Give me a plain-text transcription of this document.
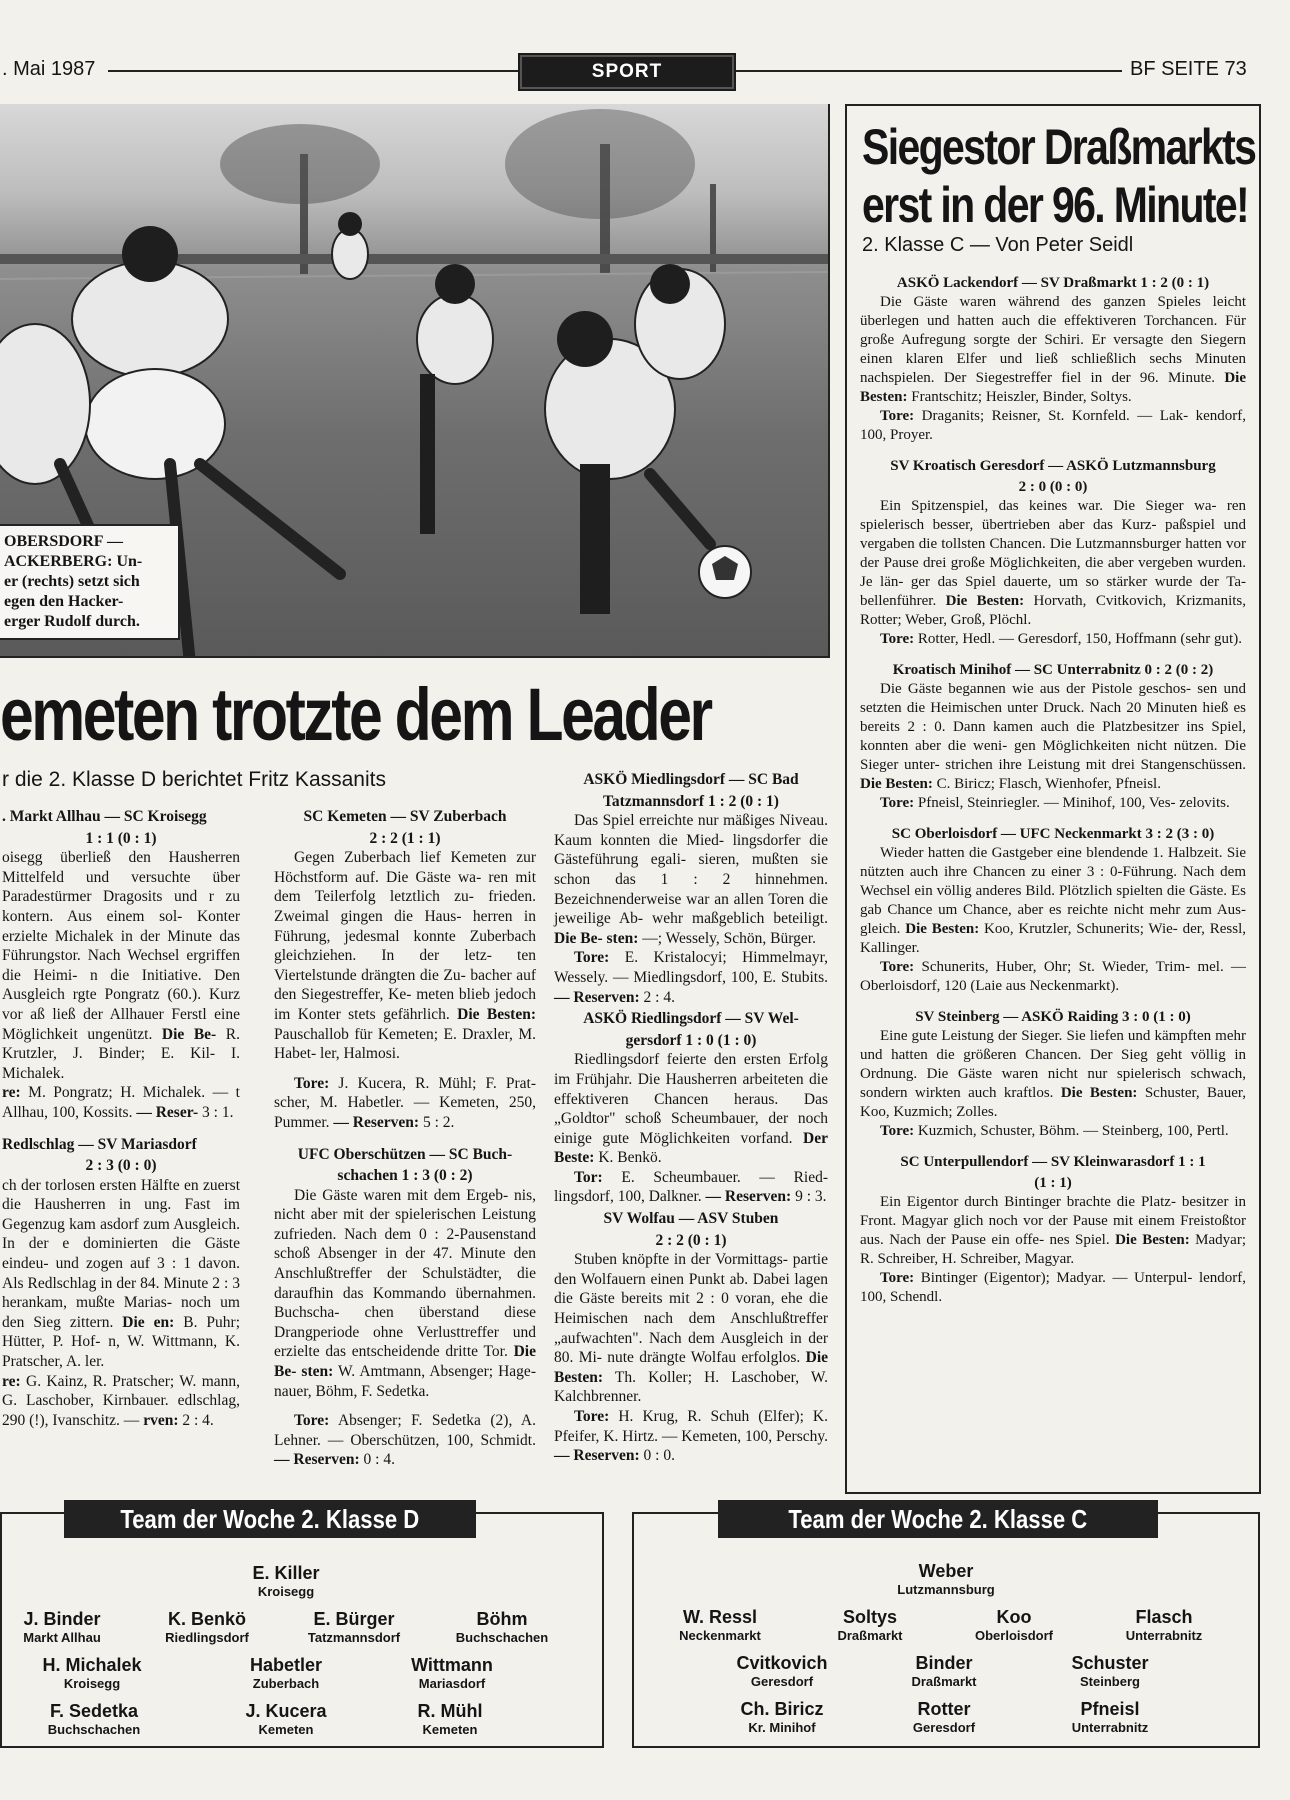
. Mai 1987	SPORT	BF SEITE 73
OBERSDORF —
ACKERBERG: Un-
er (rechts) setzt sich
egen den Hacker-
erger Rudolf durch.
emeten trotzte dem Leader
r die 2. Klasse D berichtet Fritz Kassanits
. Markt Allhau — SC Kroisegg
1 : 1 (0 : 1)

oisegg überließ den Hausherren Mittelfeld und versuchte über Paradestürmer Dragosits und r zu kontern. Aus einem sol- Konter erzielte Michalek in der Minute das Führungstor. Nach Wechsel ergriffen die Heimi- n die Initiative. Den Ausgleich rgte Pongratz (60.). Kurz vor aß ließ der Allhauer Ferstl eine Möglichkeit ungenützt. Die Be- R. Krutzler, J. Binder; E. Kil- I. Michalek.

re: M. Pongratz; H. Michalek. — t Allhau, 100, Kossits. — Reser- 3 : 1.

Redlschlag — SV Mariasdorf
2 : 3 (0 : 0)

ch der torlosen ersten Hälfte en zuerst die Hausherren in ung. Fast im Gegenzug kam asdorf zum Ausgleich. In der e dominierten die Gäste eindeu- und zogen auf 3 : 1 davon. Als Redlschlag in der 84. Minute 2 : 3 herankam, mußte Marias- noch um den Sieg zittern. Die en: B. Puhr; Hütter, P. Hof- n, W. Wittmann, K. Pratscher, A. ler.

re: G. Kainz, R. Pratscher; W. mann, G. Laschober, Kirnbauer. edlschlag, 290 (!), Ivanschitz. — rven: 2 : 4.

SC Kemeten — SV Zuberbach
2 : 2 (1 : 1)

Gegen Zuberbach lief Kemeten zur Höchstform auf. Die Gäste wa- ren mit dem Teilerfolg letztlich zu- frieden. Zweimal gingen die Haus- herren in Führung, jedesmal konnte Zuberbach gleichziehen. In der letz- ten Viertelstunde drängten die Zu- bacher auf den Siegestreffer, Ke- meten blieb jedoch im Konter stets gefährlich. Die Besten: Pauschallob für Kemeten; E. Draxler, M. Habet- ler, Halmosi.

Tore: J. Kucera, R. Mühl; F. Prat- scher, M. Habetler. — Kemeten, 250, Pummer. — Reserven: 5 : 2.

UFC Oberschützen — SC Buch-
schachen 1 : 3 (0 : 2)

Die Gäste waren mit dem Ergeb- nis, nicht aber mit der spielerischen Leistung zufrieden. Nach dem 0 : 2-Pausenstand schoß Absenger in der 47. Minute den Anschlußtreffer der Schulstädter, die daraufhin das Kommando übernahmen. Buchscha- chen überstand diese Drangperiode ohne Verlusttreffer und erzielte das entscheidende dritte Tor. Die Be- sten: W. Amtmann, Absenger; Hage- nauer, Böhm, F. Sedetka.

Tore: Absenger; F. Sedetka (2), A. Lehner. — Oberschützen, 100, Schmidt. — Reserven: 0 : 4.

ASKÖ Miedlingsdorf — SC Bad
Tatzmannsdorf 1 : 2 (0 : 1)

Das Spiel erreichte nur mäßiges Niveau. Kaum konnten die Mied- lingsdorfer die Gästeführung egali- sieren, mußten sie schon das 1 : 2 hinnehmen. Bezeichnenderweise war an allen Toren die jeweilige Ab- wehr maßgeblich beteiligt. Die Be- sten: —; Wessely, Schön, Bürger.

Tore: E. Kristalocyi; Himmelmayr, Wessely. — Miedlingsdorf, 100, E. Stubits. — Reserven: 2 : 4.

ASKÖ Riedlingsdorf — SV Wel-
gersdorf 1 : 0 (1 : 0)

Riedlingsdorf feierte den ersten Erfolg im Frühjahr. Die Hausherren arbeiteten die effektiveren Chancen heraus. Das „Goldtor" schoß Scheumbauer, der noch einige gute Möglichkeiten vorfand. Der Beste: K. Benkö.

Tor: E. Scheumbauer. — Ried- lingsdorf, 100, Dalkner. — Reserven: 9 : 3.

SV Wolfau — ASV Stuben
2 : 2 (0 : 1)

Stuben knöpfte in der Vormittags- partie den Wolfauern einen Punkt ab. Dabei lagen die Gäste bereits mit 2 : 0 voran, ehe die Heimischen nach dem Anschlußtreffer „aufwachten". Nach dem Ausgleich in der 80. Mi- nute drängte Wolfau erfolglos. Die Besten: Th. Koller; H. Laschober, W. Kalchbrenner.

Tore: H. Krug, R. Schuh (Elfer); K. Pfeifer, K. Hirtz. — Kemeten, 100, Perschy. — Reserven: 0 : 0.

Siegestor Draßmarkts
erst in der 96. Minute!
2. Klasse C — Von Peter Seidl
ASKÖ Lackendorf — SV Draßmarkt 1 : 2 (0 : 1)

Die Gäste waren während des ganzen Spieles leicht überlegen und hatten auch die effektiveren Torchancen. Für große Aufregung sorgte der Schiri. Er versagte den Siegern einen klaren Elfer und ließ schließlich sechs Minuten nachspielen. Der Siegestreffer fiel in der 96. Minute. Die Besten: Frantschitz; Heiszler, Binder, Soltys.

Tore: Draganits; Reisner, St. Kornfeld. — Lak- kendorf, 100, Proyer.

SV Kroatisch Geresdorf — ASKÖ Lutzmannsburg
2 : 0 (0 : 0)

Ein Spitzenspiel, das keines war. Die Sieger wa- ren spielerisch besser, übertrieben aber das Kurz- paßspiel und vergaben die tollsten Chancen. Die Lutzmannsburger hatten vor der Pause drei große Möglichkeiten, die aber vergeben wurden. Je län- ger das Spiel dauerte, um so stärker wurde der Ta- bellenführer. Die Besten: Horvath, Cvitkovich, Krizmanits, Rotter; Weber, Groß, Plöchl.

Tore: Rotter, Hedl. — Geresdorf, 150, Hoffmann (sehr gut).

Kroatisch Minihof — SC Unterrabnitz 0 : 2 (0 : 2)

Die Gäste begannen wie aus der Pistole geschos- sen und setzten die Heimischen unter Druck. Nach 20 Minuten hieß es bereits 2 : 0. Dann kamen auch die Platzbesitzer ins Spiel, konnten aber die weni- gen Möglichkeiten nicht nützen. Die Sieger unter- strichen ihre Leistung mit drei Stangenschüssen. Die Besten: C. Biricz; Flasch, Wienhofer, Pfneisl.

Tore: Pfneisl, Steinriegler. — Minihof, 100, Ves- zelovits.

SC Oberloisdorf — UFC Neckenmarkt 3 : 2 (3 : 0)

Wieder hatten die Gastgeber eine blendende 1. Halbzeit. Sie nützten auch ihre Chancen zu einer 3 : 0-Führung. Nach dem Wechsel ein völlig anderes Bild. Plötzlich spielten die Gäste. Es gab Chance um Chance, aber es reichte nicht mehr zum Aus- gleich. Die Besten: Koo, Krutzler, Schunerits; Wie- der, Ressl, Kallinger.

Tore: Schunerits, Huber, Ohr; St. Wieder, Trim- mel. — Oberloisdorf, 120 (Laie aus Neckenmarkt).

SV Steinberg — ASKÖ Raiding 3 : 0 (1 : 0)

Eine gute Leistung der Sieger. Sie liefen und kämpften mehr und hatten die größeren Chancen. Der Sieg geht völlig in Ordnung. Die Gäste waren nicht nur spielerisch schwach, sondern wirkten auch kraftlos. Die Besten: Schuster, Bauer, Koo, Kuzmich; Zolles.

Tore: Kuzmich, Schuster, Böhm. — Steinberg, 100, Pertl.

SC Unterpullendorf — SV Kleinwarasdorf 1 : 1
(1 : 1)

Ein Eigentor durch Bintinger brachte die Platz- besitzer in Front. Magyar glich noch vor der Pause mit einem Freistoßtor aus. Nach der Pause ein offe- nes Spiel. Die Besten: Madyar; R. Schreiber, H. Schreiber, Magyar.

Tore: Bintinger (Eigentor); Madyar. — Unterpul- lendorf, 100, Schendl.

Team der Woche 2. Klasse D
E. Killer
Kroisegg
J. Binder
Markt Allhau
K. Benkö
Riedlingsdorf
E. Bürger
Tatzmannsdorf
Böhm
Buchschachen
H. Michalek
Kroisegg
Habetler
Zuberbach
Wittmann
Mariasdorf
F. Sedetka
Buchschachen
J. Kucera
Kemeten
R. Mühl
Kemeten
Team der Woche 2. Klasse C
Weber
Lutzmannsburg
W. Ressl
Neckenmarkt
Soltys
Draßmarkt
Koo
Oberloisdorf
Flasch
Unterrabnitz
Cvitkovich
Geresdorf
Binder
Draßmarkt
Schuster
Steinberg
Ch. Biricz
Kr. Minihof
Rotter
Geresdorf
Pfneisl
Unterrabnitz
